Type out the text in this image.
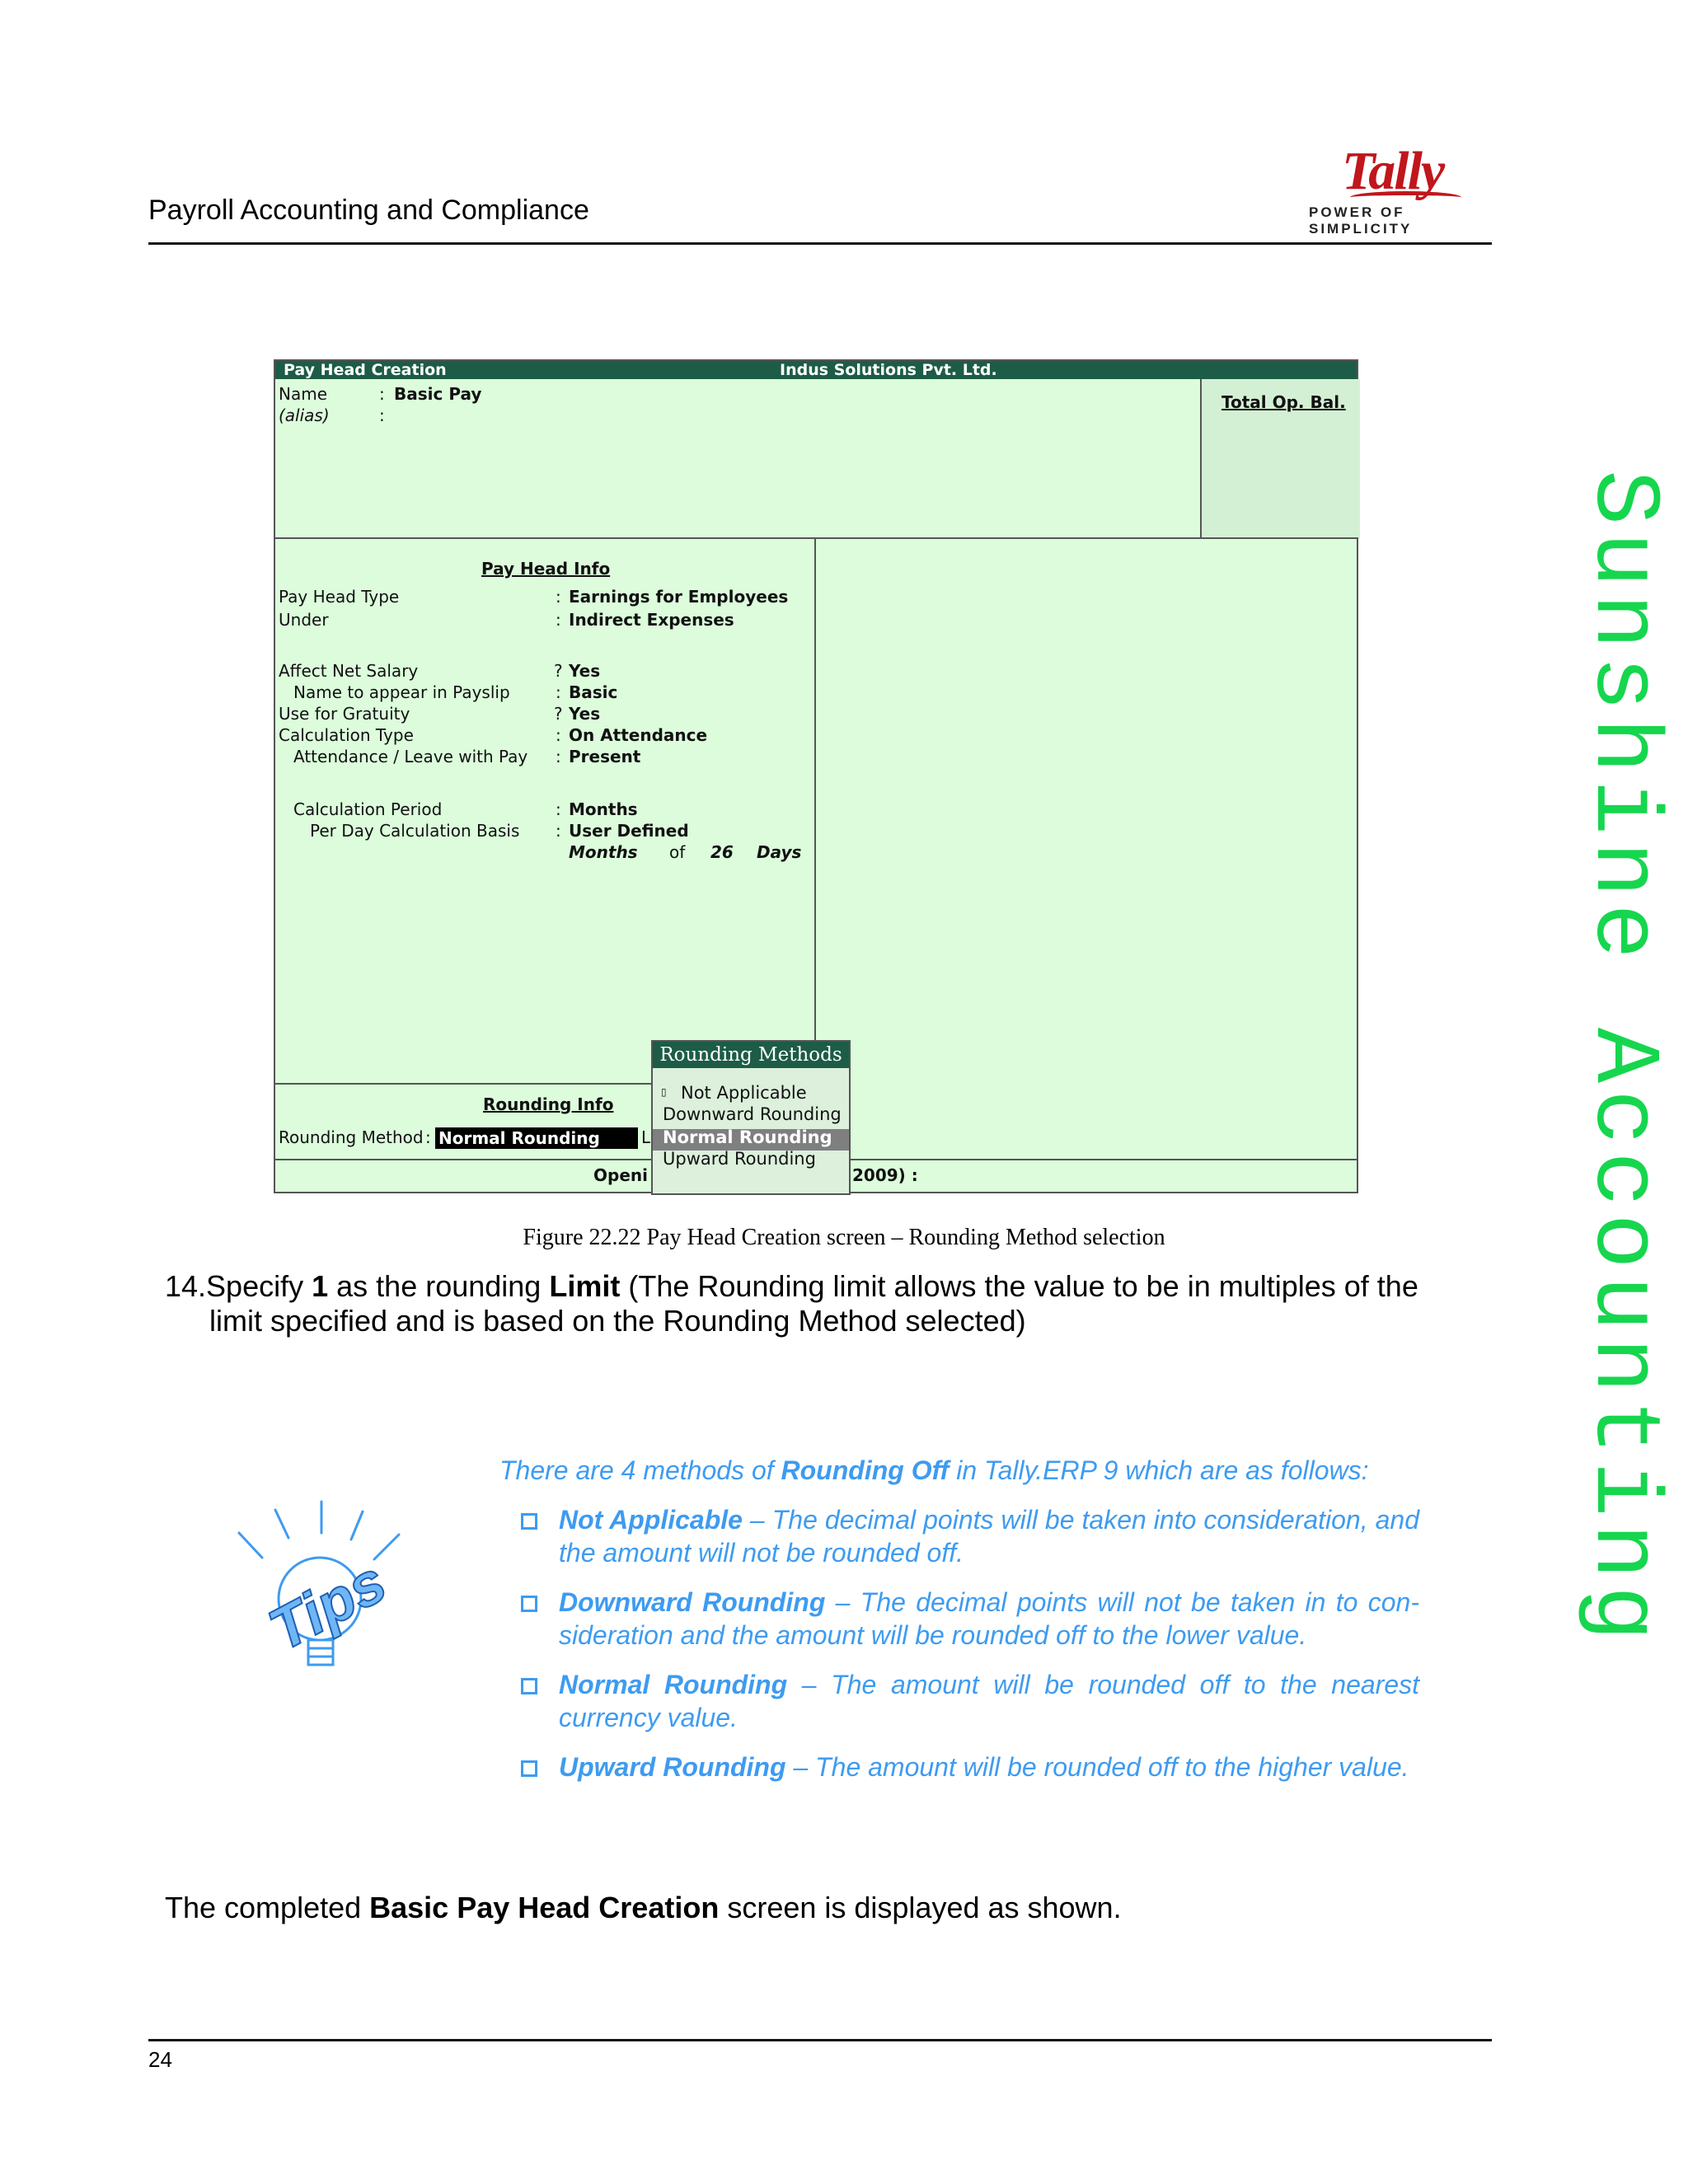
Payroll Accounting and Compliance
Tally
POWER OF SIMPLICITY
Sunshine Accounting
Pay Head Creation	Indus Solutions Pvt. Ltd.
Name	: Basic Pay
(alias)	:
Total Op. Bal.
Pay Head Info
Pay Head Type	: Earnings for Employees
Under	: Indirect Expenses
Affect Net Salary	? Yes
Name to appear in Payslip	: Basic
Use for Gratuity	? Yes
Calculation Type	: On Attendance
Attendance / Leave with Pay : Present
Calculation Period	: Months
Per Day Calculation Basis : User Defined
Months of 26 Days
Rounding Info
Rounding Method : Normal Rounding	L
Openi	2009) :
Rounding Methods
▯ Not Applicable
Downward Rounding
Normal Rounding
Upward Rounding
Figure 22.22 Pay Head Creation screen – Rounding Method selection
14.Specify 1 as the rounding Limit (The Rounding limit allows the value to be in multiples of the
limit specified and is based on the Rounding Method selected)
Tips
There are 4 methods of Rounding Off in Tally.ERP 9 which are as follows:
Not Applicable – The decimal points will be taken into consideration, and the amount will not be rounded off.
Downward Rounding – The decimal points will not be taken in to con-sideration and the amount will be rounded off to the lower value.
Normal Rounding – The amount will be rounded off to the nearest currency value.
Upward Rounding – The amount will be rounded off to the higher value.
The completed Basic Pay Head Creation screen is displayed as shown.
24
